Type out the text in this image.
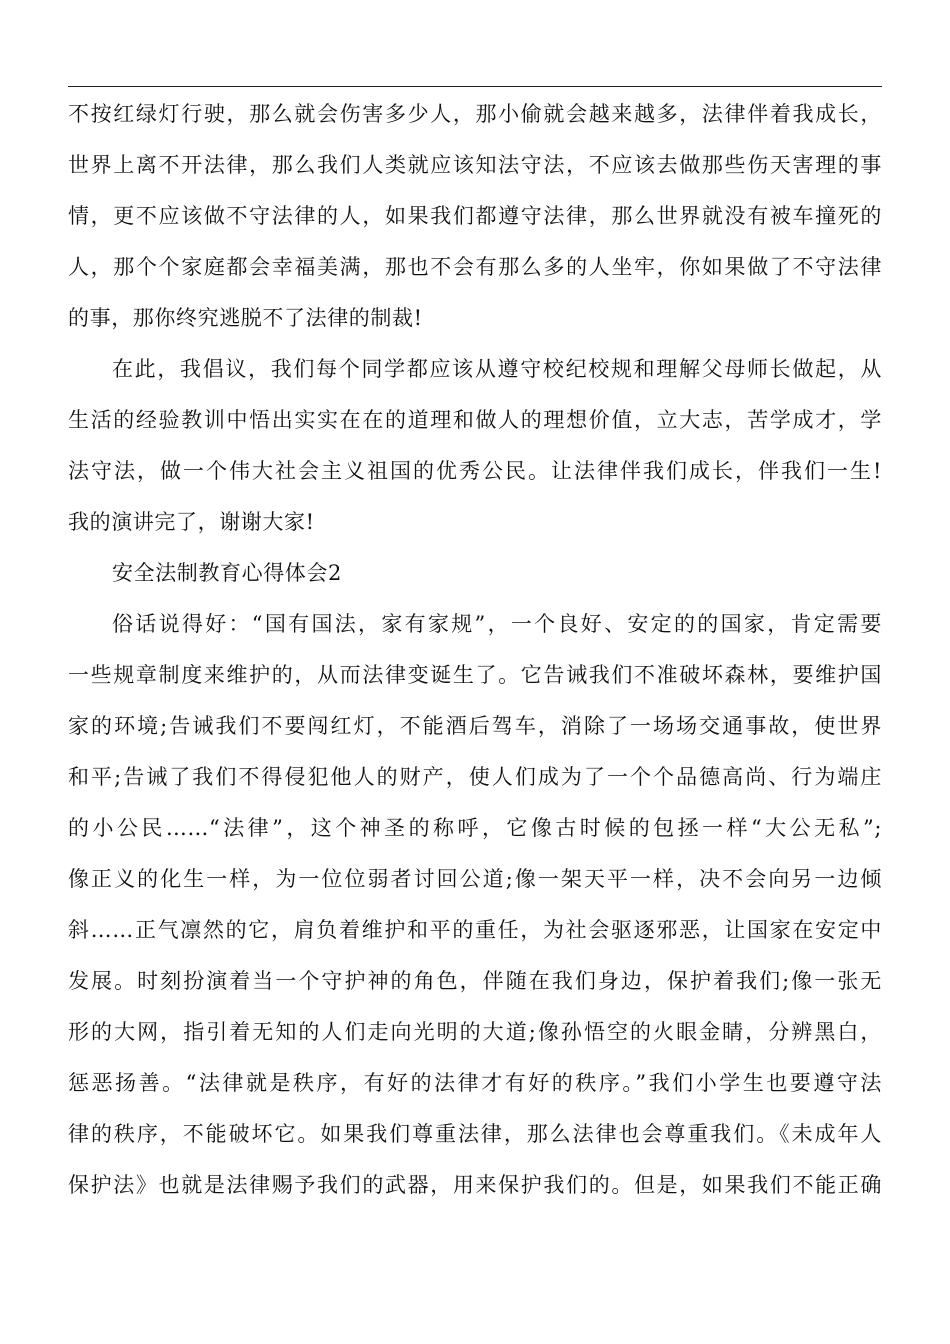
不按红绿灯行驶，那么就会伤害多少人，那小偷就会越来越多，法律伴着我成长，
世界上离不开法律，那么我们人类就应该知法守法，不应该去做那些伤天害理的事
情，更不应该做不守法律的人，如果我们都遵守法律，那么世界就没有被车撞死的
人，那个个家庭都会幸福美满，那也不会有那么多的人坐牢，你如果做了不守法律
的事，那你终究逃脱不了法律的制裁!
在此，我倡议，我们每个同学都应该从遵守校纪校规和理解父母师长做起，从
生活的经验教训中悟出实实在在的道理和做人的理想价值，立大志，苦学成才，学
法守法，做一个伟大社会主义祖国的优秀公民。让法律伴我们成长，伴我们一生!
我的演讲完了，谢谢大家!
安全法制教育心得体会2
俗话说得好：“国有国法，家有家规”，一个良好、安定的的国家，肯定需要
一些规章制度来维护的，从而法律变诞生了。它告诫我们不准破坏森林，要维护国
家的环境;告诫我们不要闯红灯，不能酒后驾车，消除了一场场交通事故，使世界
和平;告诫了我们不得侵犯他人的财产，使人们成为了一个个品德高尚、行为端庄
的小公民……“法律”，这个神圣的称呼，它像古时候的包拯一样“大公无私”;
像正义的化生一样，为一位位弱者讨回公道;像一架天平一样，决不会向另一边倾
斜……正气凛然的它，肩负着维护和平的重任，为社会驱逐邪恶，让国家在安定中
发展。时刻扮演着当一个守护神的角色，伴随在我们身边，保护着我们;像一张无
形的大网，指引着无知的人们走向光明的大道;像孙悟空的火眼金睛，分辨黑白，
惩恶扬善。“法律就是秩序，有好的法律才有好的秩序。”我们小学生也要遵守法
律的秩序，不能破坏它。如果我们尊重法律，那么法律也会尊重我们。《未成年人
保护法》也就是法律赐予我们的武器，用来保护我们的。但是，如果我们不能正确
